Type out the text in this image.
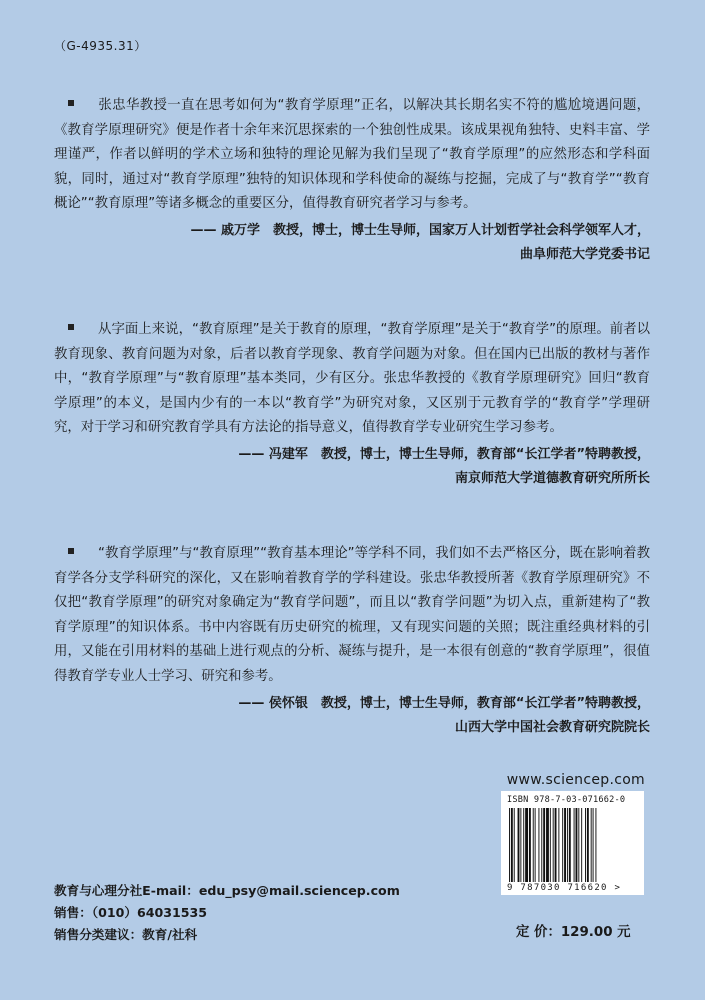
（G-4935.31）

张忠华教授一直在思考如何为“教育学原理”正名，以解决其长期名实不符的尴尬境遇问题，《教育学原理研究》便是作者十余年来沉思探索的一个独创性成果。该成果视角独特、史料丰富、学理谨严，作者以鲜明的学术立场和独特的理论见解为我们呈现了“教育学原理”的应然形态和学科面貌，同时，通过对“教育学原理”独特的知识体现和学科使命的凝练与挖掘，完成了与“教育学”“教育概论”“教育原理”等诸多概念的重要区分，值得教育研究者学习与参考。

—— 戚万学　教授，博士，博士生导师，国家万人计划哲学社会科学领军人才，
曲阜师范大学党委书记

从字面上来说，“教育原理”是关于教育的原理，“教育学原理”是关于“教育学”的原理。前者以教育现象、教育问题为对象，后者以教育学现象、教育学问题为对象。但在国内已出版的教材与著作中，“教育学原理”与“教育原理”基本类同，少有区分。张忠华教授的《教育学原理研究》回归“教育学原理”的本义，是国内少有的一本以“教育学”为研究对象，又区别于元教育学的“教育学”学理研究，对于学习和研究教育学具有方法论的指导意义，值得教育学专业研究生学习参考。

—— 冯建军　教授，博士，博士生导师，教育部“长江学者”特聘教授，
南京师范大学道德教育研究所所长

“教育学原理”与“教育原理”“教育基本理论”等学科不同，我们如不去严格区分，既在影响着教育学各分支学科研究的深化，又在影响着教育学的学科建设。张忠华教授所著《教育学原理研究》不仅把“教育学原理”的研究对象确定为“教育学问题”，而且以“教育学问题”为切入点，重新建构了“教育学原理”的知识体系。书中内容既有历史研究的梳理，又有现实问题的关照；既注重经典材料的引用，又能在引用材料的基础上进行观点的分析、凝练与提升，是一本很有创意的“教育学原理”，很值得教育学专业人士学习、研究和参考。

—— 侯怀银　教授，博士，博士生导师，教育部“长江学者”特聘教授，
山西大学中国社会教育研究院院长
www.sciencep.com
ISBN 978-7-03-071662-0
9 787030 716620 >
教育与心理分社E-mail：edu_psy@mail.sciencep.com
销售：（010）64031535
销售分类建议：教育/社科	定 价：129.00 元
